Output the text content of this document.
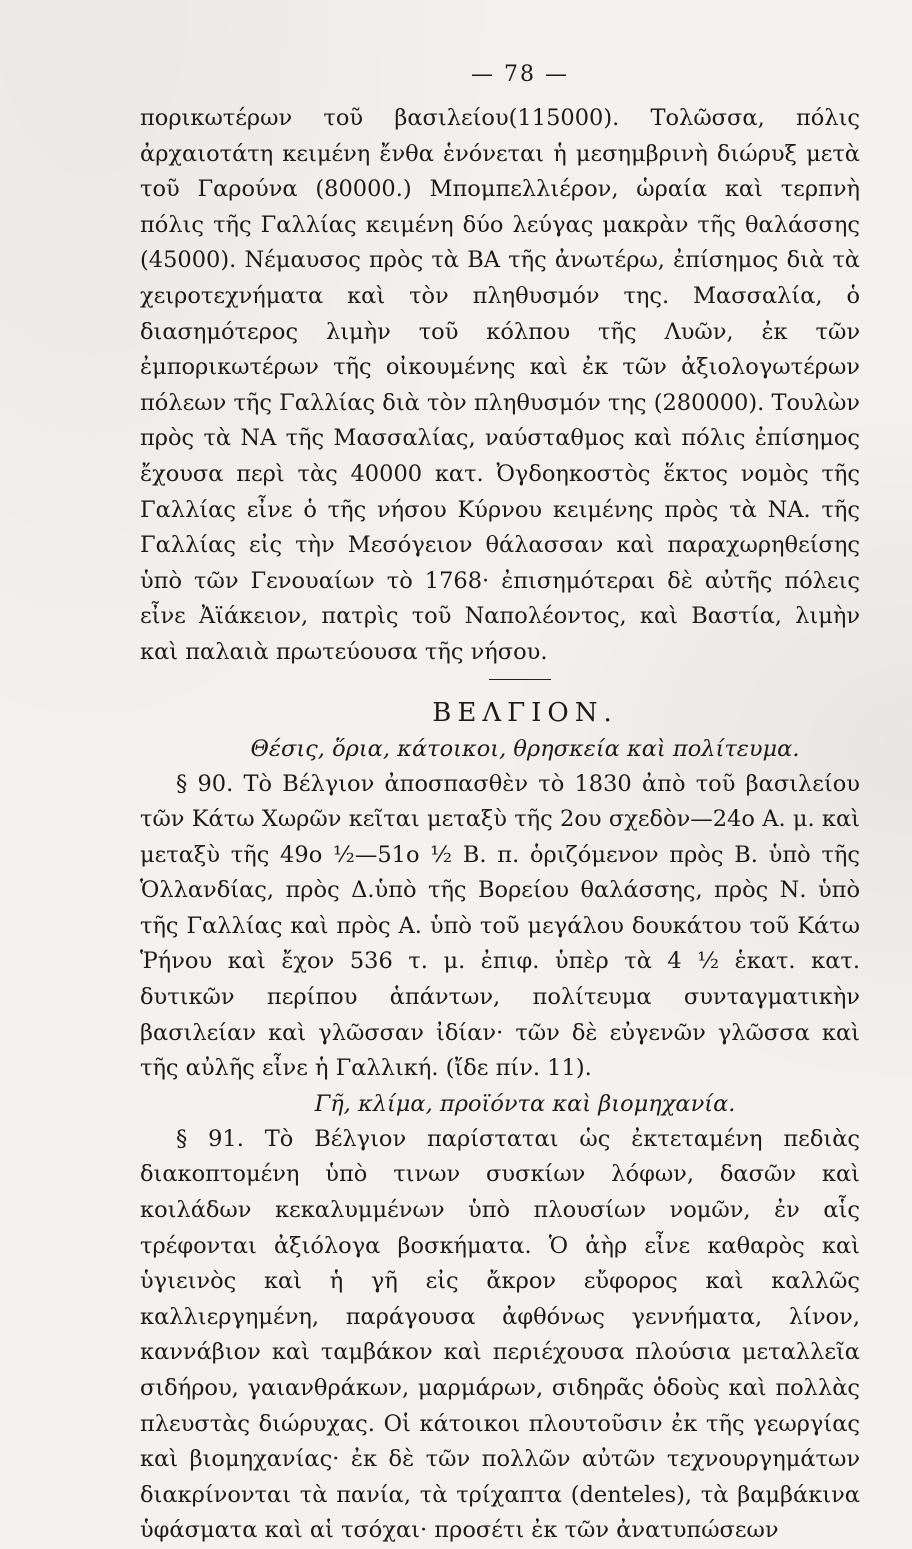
— 78 —

πορικωτέρων τοῦ βασιλείου(115000). Τολῶσσα, πόλις ἀρχαιοτάτη κειμένη ἔνθα ἑνόνεται ἡ μεσημβρινὴ διώρυξ μετὰ τοῦ Γαρούνα (80000.) Μπομπελλιέρον, ὡραία καὶ τερπνὴ πόλις τῆς Γαλλίας κειμένη δύο λεύγας μακρὰν τῆς θαλάσσης (45000). Νέμαυσος πρὸς τὰ ΒΑ τῆς ἀνωτέρω, ἐπίσημος διὰ τὰ χειροτεχνήματα καὶ τὸν πληθυσμόν της. Μασσαλία, ὁ διασημότερος λιμὴν τοῦ κόλπου τῆς Λυῶν, ἐκ τῶν ἐμπορικωτέρων τῆς οἰκουμένης καὶ ἐκ τῶν ἀξιολογωτέρων πόλεων τῆς Γαλλίας διὰ τὸν πληθυσμόν της (280000). Τουλὼν πρὸς τὰ ΝΑ τῆς Μασσαλίας, ναύσταθμος καὶ πόλις ἐπίσημος ἔχουσα περὶ τὰς 40000 κατ. Ὀγδοηκοστὸς ἕκτος νομὸς τῆς Γαλλίας εἶνε ὁ τῆς νήσου Κύρνου κειμένης πρὸς τὰ ΝΑ. τῆς Γαλλίας εἰς τὴν Μεσόγειον θάλασσαν καὶ παραχωρηθείσης ὑπὸ τῶν Γενουαίων τὸ 1768· ἐπισημότεραι δὲ αὐτῆς πόλεις εἶνε Ἀϊάκειον, πατρὶς τοῦ Ναπολέοντος, καὶ Βαστία, λιμὴν καὶ παλαιὰ πρωτεύουσα τῆς νήσου.

ΒΕΛΓΙΟΝ.

Θέσις, ὅρια, κάτοικοι, θρησκεία καὶ πολίτευμα.

§ 90. Τὸ Βέλγιον ἀποσπασθὲν τὸ 1830 ἀπὸ τοῦ βασιλείου τῶν Κάτω Χωρῶν κεῖται μεταξὺ τῆς 2ου σχεδὸν—24ο Α. μ. καὶ μεταξὺ τῆς 49ο ½—51ο ½ Β. π. ὁριζόμενον πρὸς Β. ὑπὸ τῆς Ὁλλανδίας, πρὸς Δ.ὑπὸ τῆς Βορείου θαλάσσης, πρὸς Ν. ὑπὸ τῆς Γαλλίας καὶ πρὸς Α. ὑπὸ τοῦ μεγάλου δουκάτου τοῦ Κάτω Ῥήνου καὶ ἔχον 536 τ. μ. ἐπιφ. ὑπὲρ τὰ 4 ½ ἑκατ. κατ. δυτικῶν περίπου ἁπάντων, πολίτευμα συνταγματικὴν βασιλείαν καὶ γλῶσσαν ἰδίαν· τῶν δὲ εὐγενῶν γλῶσσα καὶ τῆς αὐλῆς εἶνε ἡ Γαλλική. (ἴδε πίν. 11).

Γῆ, κλίμα, προϊόντα καὶ βιομηχανία.

§ 91. Τὸ Βέλγιον παρίσταται ὡς ἐκτεταμένη πεδιὰς διακοπτομένη ὑπὸ τινων συσκίων λόφων, δασῶν καὶ κοιλάδων κεκαλυμμένων ὑπὸ πλουσίων νομῶν, ἐν αἷς τρέφονται ἀξιόλογα βοσκήματα. Ὁ ἀὴρ εἶνε καθαρὸς καὶ ὑγιεινὸς καὶ ἡ γῆ εἰς ἄκρον εὔφορος καὶ καλλῶς καλλιεργημένη, παράγουσα ἀφθόνως γεννήματα, λίνον, καννάβιον καὶ ταμβάκον καὶ περιέχουσα πλούσια μεταλλεῖα σιδήρου, γαιανθράκων, μαρμάρων, σιδηρᾶς ὁδοὺς καὶ πολλὰς πλευστὰς διώρυχας. Οἱ κάτοικοι πλουτοῦσιν ἐκ τῆς γεωργίας καὶ βιομηχανίας· ἐκ δὲ τῶν πολλῶν αὐτῶν τεχνουργημάτων διακρίνονται τὰ πανία, τὰ τρίχαπτα (denteles), τὰ βαμβάκινα ὑφάσματα καὶ αἱ τσόχαι· προσέτι ἐκ τῶν ἀνατυπώσεων
